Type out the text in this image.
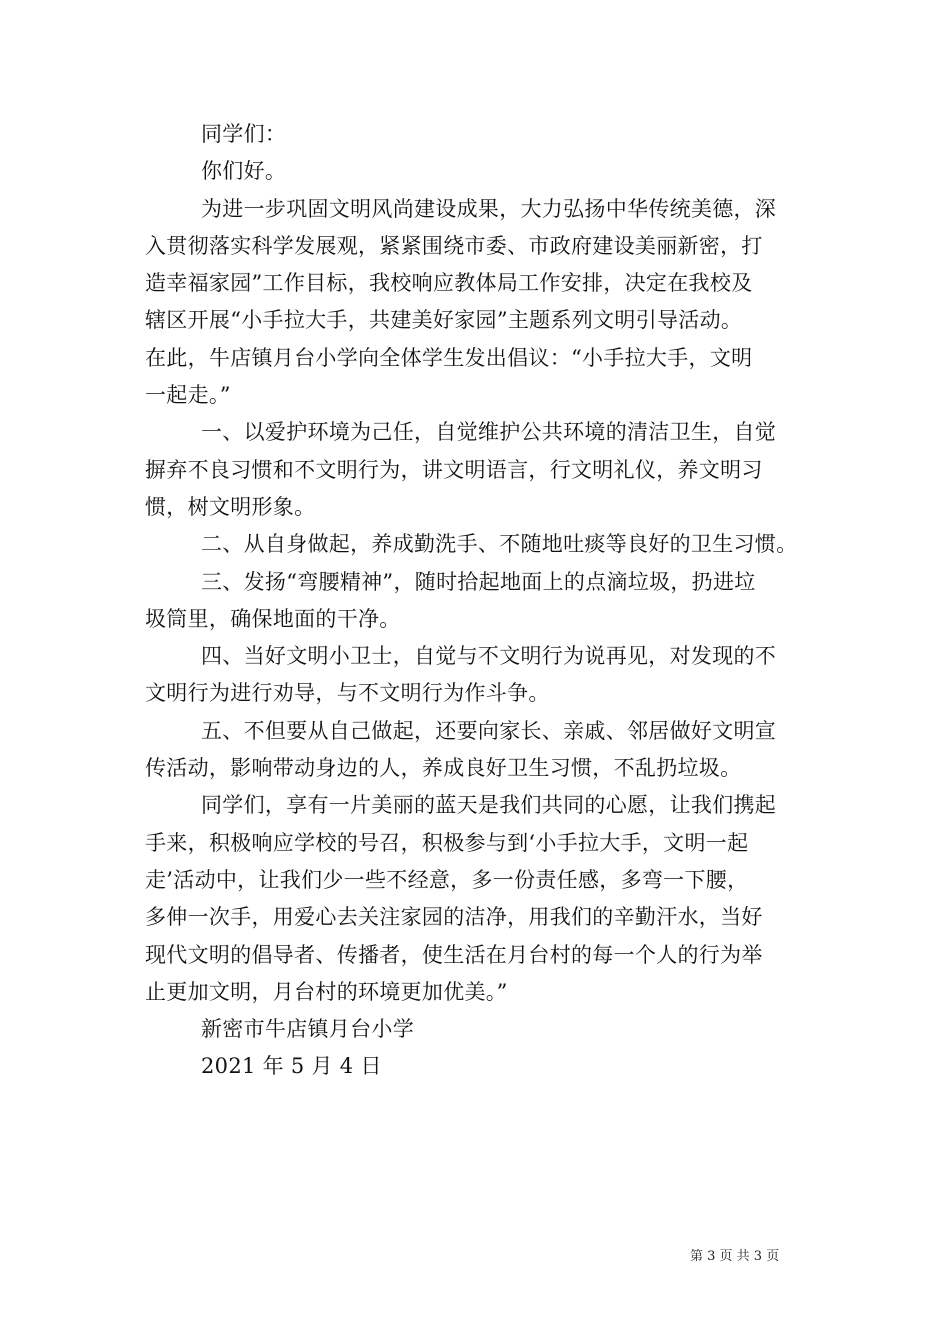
同学们：
你们好。
为进一步巩固文明风尚建设成果，大力弘扬中华传统美德，深
入贯彻落实科学发展观，紧紧围绕市委、市政府建设美丽新密，打
造幸福家园”工作目标，我校响应教体局工作安排，决定在我校及
辖区开展“小手拉大手，共建美好家园”主题系列文明引导活动。
在此，牛店镇月台小学向全体学生发出倡议：“小手拉大手，文明
一起走。”
一、以爱护环境为己任，自觉维护公共环境的清洁卫生，自觉
摒弃不良习惯和不文明行为，讲文明语言，行文明礼仪，养文明习
惯，树文明形象。
二、从自身做起，养成勤洗手、不随地吐痰等良好的卫生习惯。
三、发扬“弯腰精神”，随时拾起地面上的点滴垃圾，扔进垃
圾筒里，确保地面的干净。
四、当好文明小卫士，自觉与不文明行为说再见，对发现的不
文明行为进行劝导，与不文明行为作斗争。
五、不但要从自己做起，还要向家长、亲戚、邻居做好文明宣
传活动，影响带动身边的人，养成良好卫生习惯，不乱扔垃圾。
同学们，享有一片美丽的蓝天是我们共同的心愿，让我们携起
手来，积极响应学校的号召，积极参与到‘小手拉大手，文明一起
走’活动中，让我们少一些不经意，多一份责任感，多弯一下腰，
多伸一次手，用爱心去关注家园的洁净，用我们的辛勤汗水，当好
现代文明的倡导者、传播者，使生活在月台村的每一个人的行为举
止更加文明，月台村的环境更加优美。”
新密市牛店镇月台小学
2021 年 5 月 4 日
第 3 页 共 3 页
